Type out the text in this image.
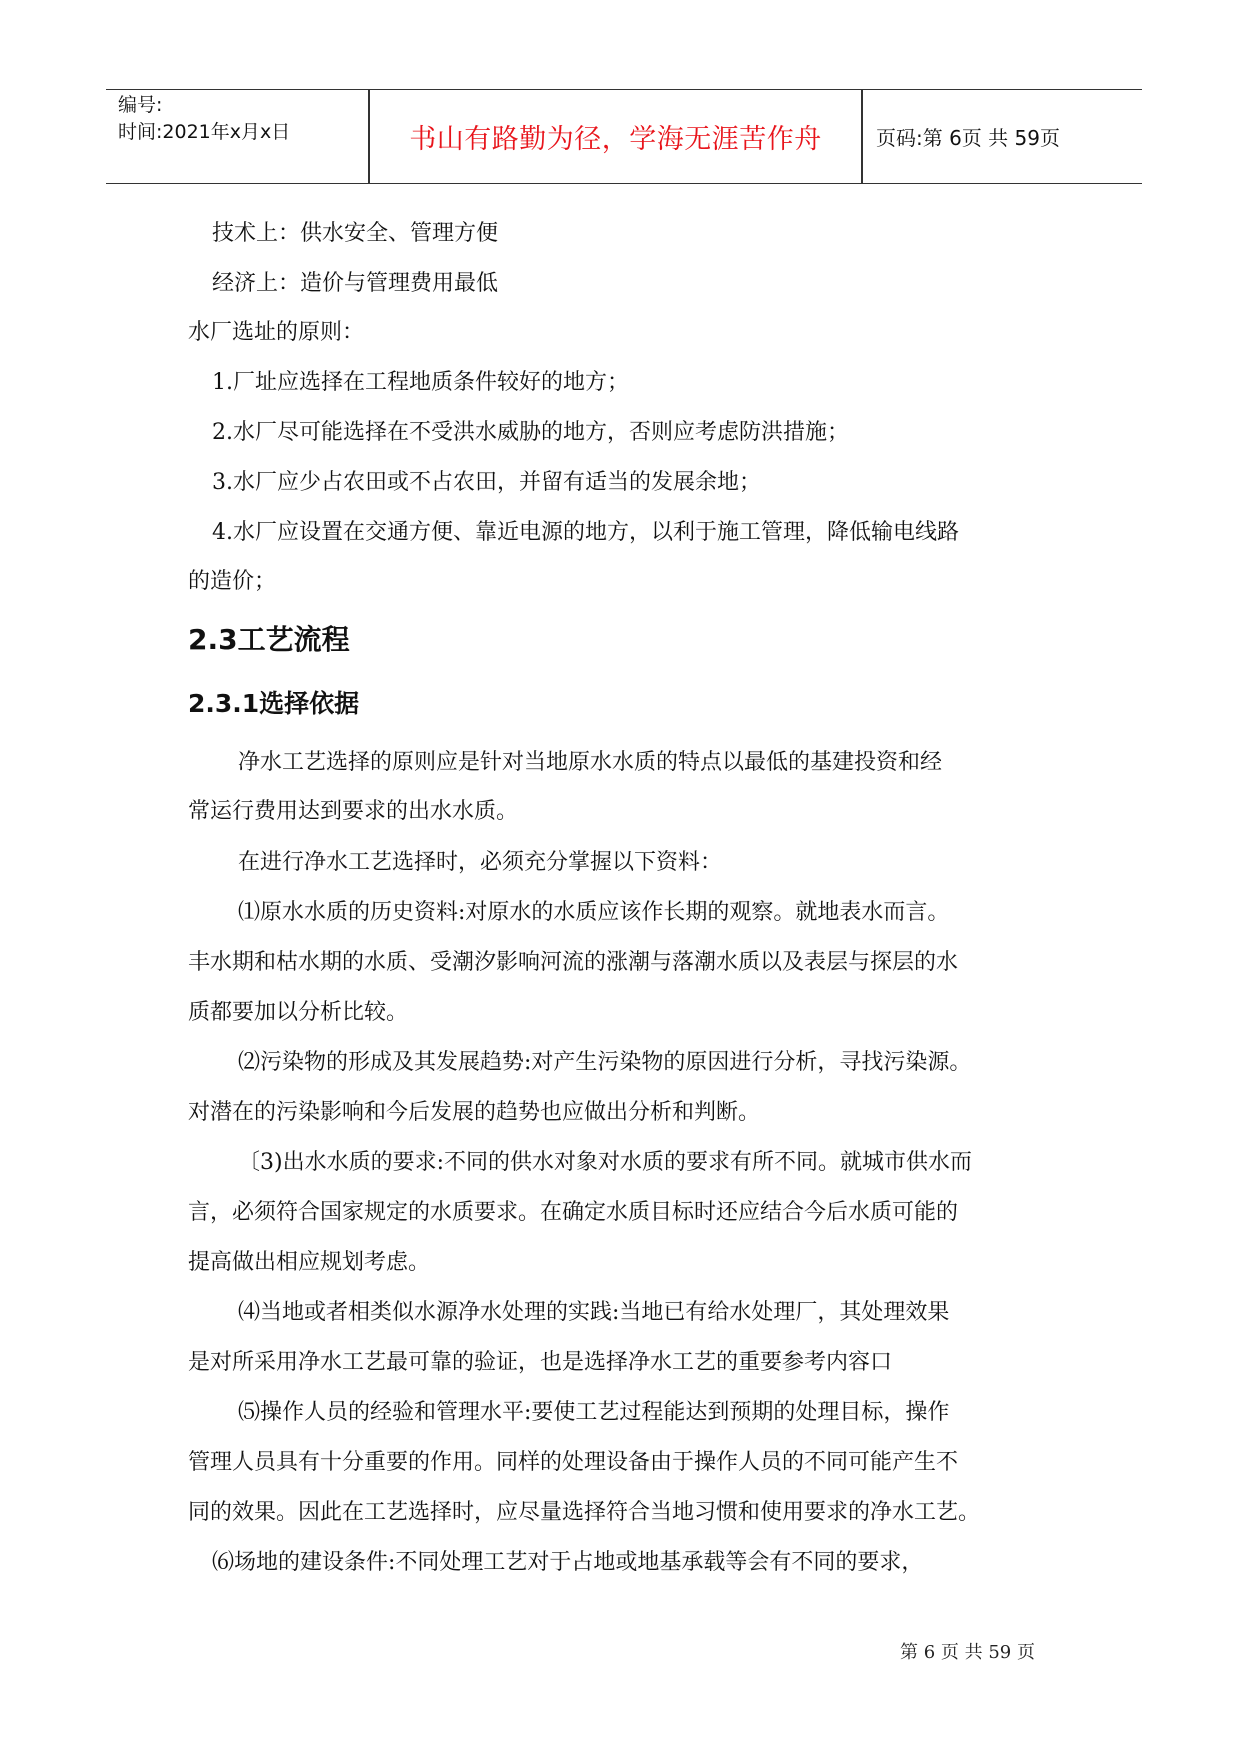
编号:
时间:2021年x月x日	书山有路勤为径，学海无涯苦作舟	页码:第 6页 共 59页
技术上：供水安全、管理方便
经济上：造价与管理费用最低
水厂选址的原则：
1.厂址应选择在工程地质条件较好的地方；
2.水厂尽可能选择在不受洪水威胁的地方，否则应考虑防洪措施；
3.水厂应少占农田或不占农田，并留有适当的发展余地；
4.水厂应设置在交通方便、靠近电源的地方，以利于施工管理，降低输电线路
的造价；
2.3工艺流程
2.3.1选择依据
净水工艺选择的原则应是针对当地原水水质的特点以最低的基建投资和经
常运行费用达到要求的出水水质。
在进行净水工艺选择时，必须充分掌握以下资料：
⑴原水水质的历史资料:对原水的水质应该作长期的观察。就地表水而言。
丰水期和枯水期的水质、受潮汐影响河流的涨潮与落潮水质以及表层与探层的水
质都要加以分析比较。
⑵污染物的形成及其发展趋势:对产生污染物的原因进行分析，寻找污染源。
对潜在的污染影响和今后发展的趋势也应做出分析和判断。
〔3)出水水质的要求:不同的供水对象对水质的要求有所不同。就城市供水而
言，必须符合国家规定的水质要求。在确定水质目标时还应结合今后水质可能的
提高做出相应规划考虑。
⑷当地或者相类似水源净水处理的实践:当地已有给水处理厂，其处理效果
是对所采用净水工艺最可靠的验证，也是选择净水工艺的重要参考内容口
⑸操作人员的经验和管理水平:要使工艺过程能达到预期的处理目标，操作
管理人员具有十分重要的作用。同样的处理设备由于操作人员的不同可能产生不
同的效果。因此在工艺选择时，应尽量选择符合当地习惯和使用要求的净水工艺。
⑹场地的建设条件:不同处理工艺对于占地或地基承载等会有不同的要求，
第 6 页 共 59 页
